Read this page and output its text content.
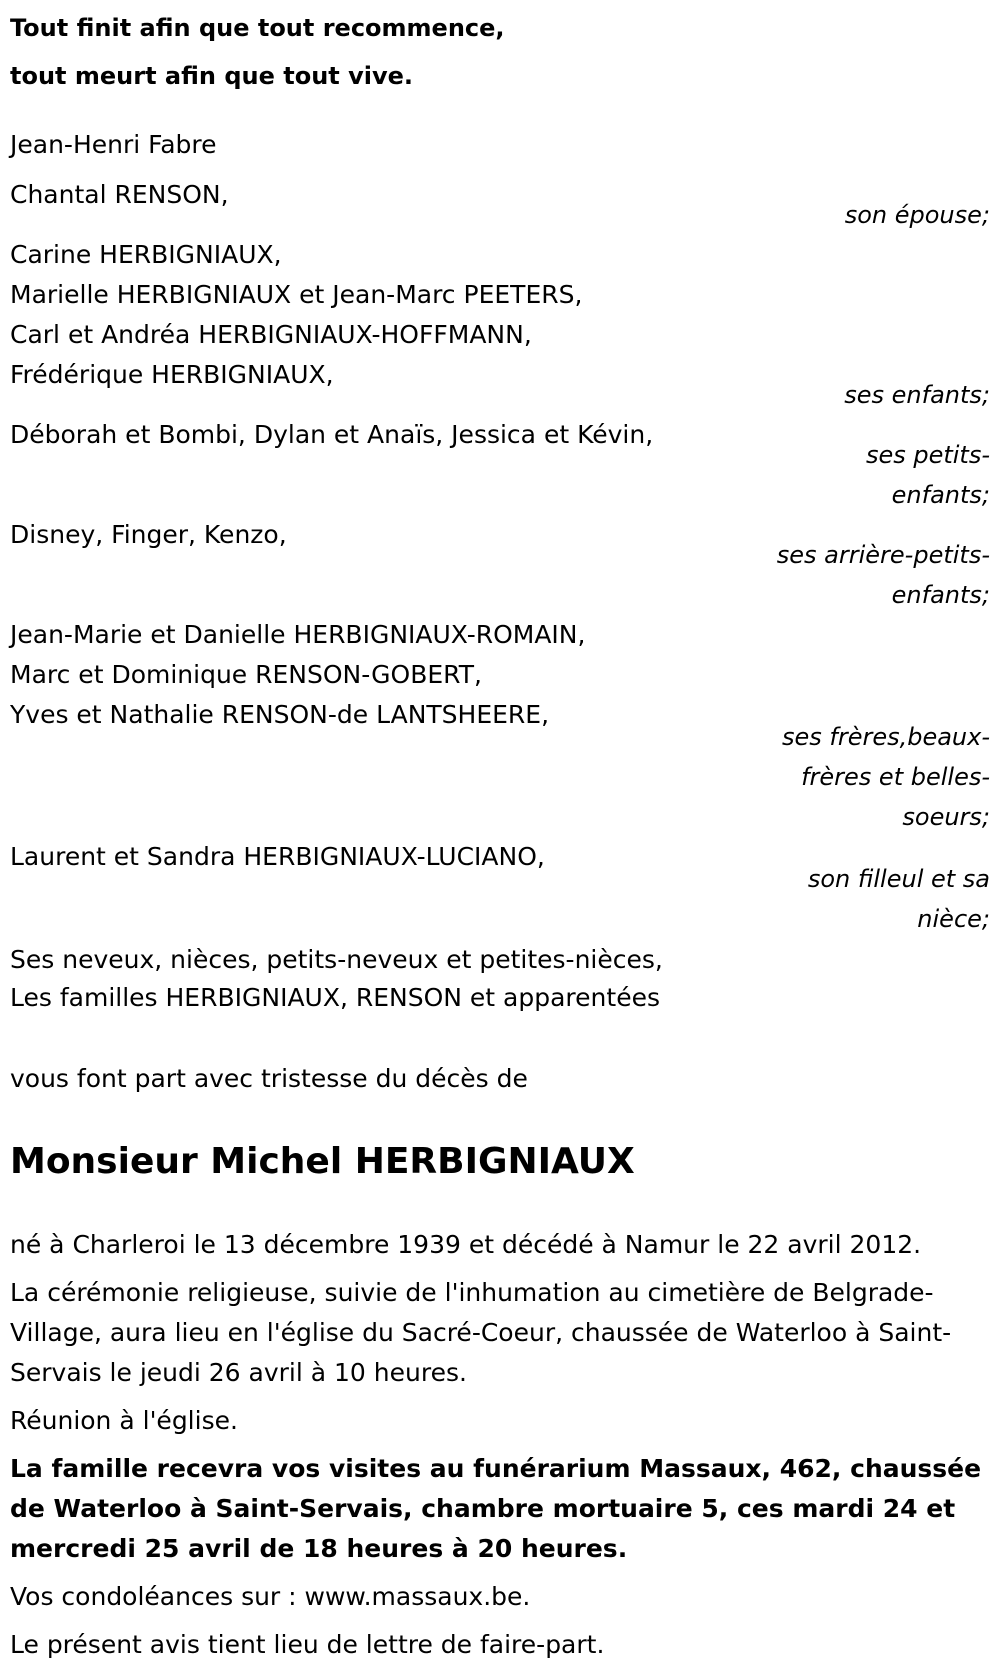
Tout finit afin que tout recommence,
tout meurt afin que tout vive.
Jean-Henri Fabre
Chantal RENSON,
son épouse;
Carine HERBIGNIAUX,
Marielle HERBIGNIAUX et Jean-Marc PEETERS,
Carl et Andréa HERBIGNIAUX-HOFFMANN,
Frédérique HERBIGNIAUX,
ses enfants;
Déborah et Bombi, Dylan et Anaïs, Jessica et Kévin,
ses petits-enfants;
Disney, Finger, Kenzo,
ses arrière-petits-
enfants;
Jean-Marie et Danielle HERBIGNIAUX-ROMAIN,
Marc et Dominique RENSON-GOBERT,
Yves et Nathalie RENSON-de LANTSHEERE,
ses frères,beaux-
frères et belles-
soeurs;
Laurent et Sandra HERBIGNIAUX-LUCIANO,
son filleul et sa
nièce;
Ses neveux, nièces, petits-neveux et petites-nièces,
Les familles HERBIGNIAUX, RENSON et apparentées
vous font part avec tristesse du décès de
Monsieur Michel HERBIGNIAUX

né à Charleroi le 13 décembre 1939 et décédé à Namur le 22 avril 2012.

La cérémonie religieuse, suivie de l'inhumation au cimetière de Belgrade-Village, aura lieu en l'église du Sacré-Coeur, chaussée de Waterloo à Saint-Servais le jeudi 26 avril à 10 heures.

Réunion à l'église.

La famille recevra vos visites au funérarium Massaux, 462, chaussée de Waterloo à Saint-Servais, chambre mortuaire 5, ces mardi 24 et mercredi 25 avril de 18 heures à 20 heures.

Vos condoléances sur : www.massaux.be.

Le présent avis tient lieu de lettre de faire-part.
